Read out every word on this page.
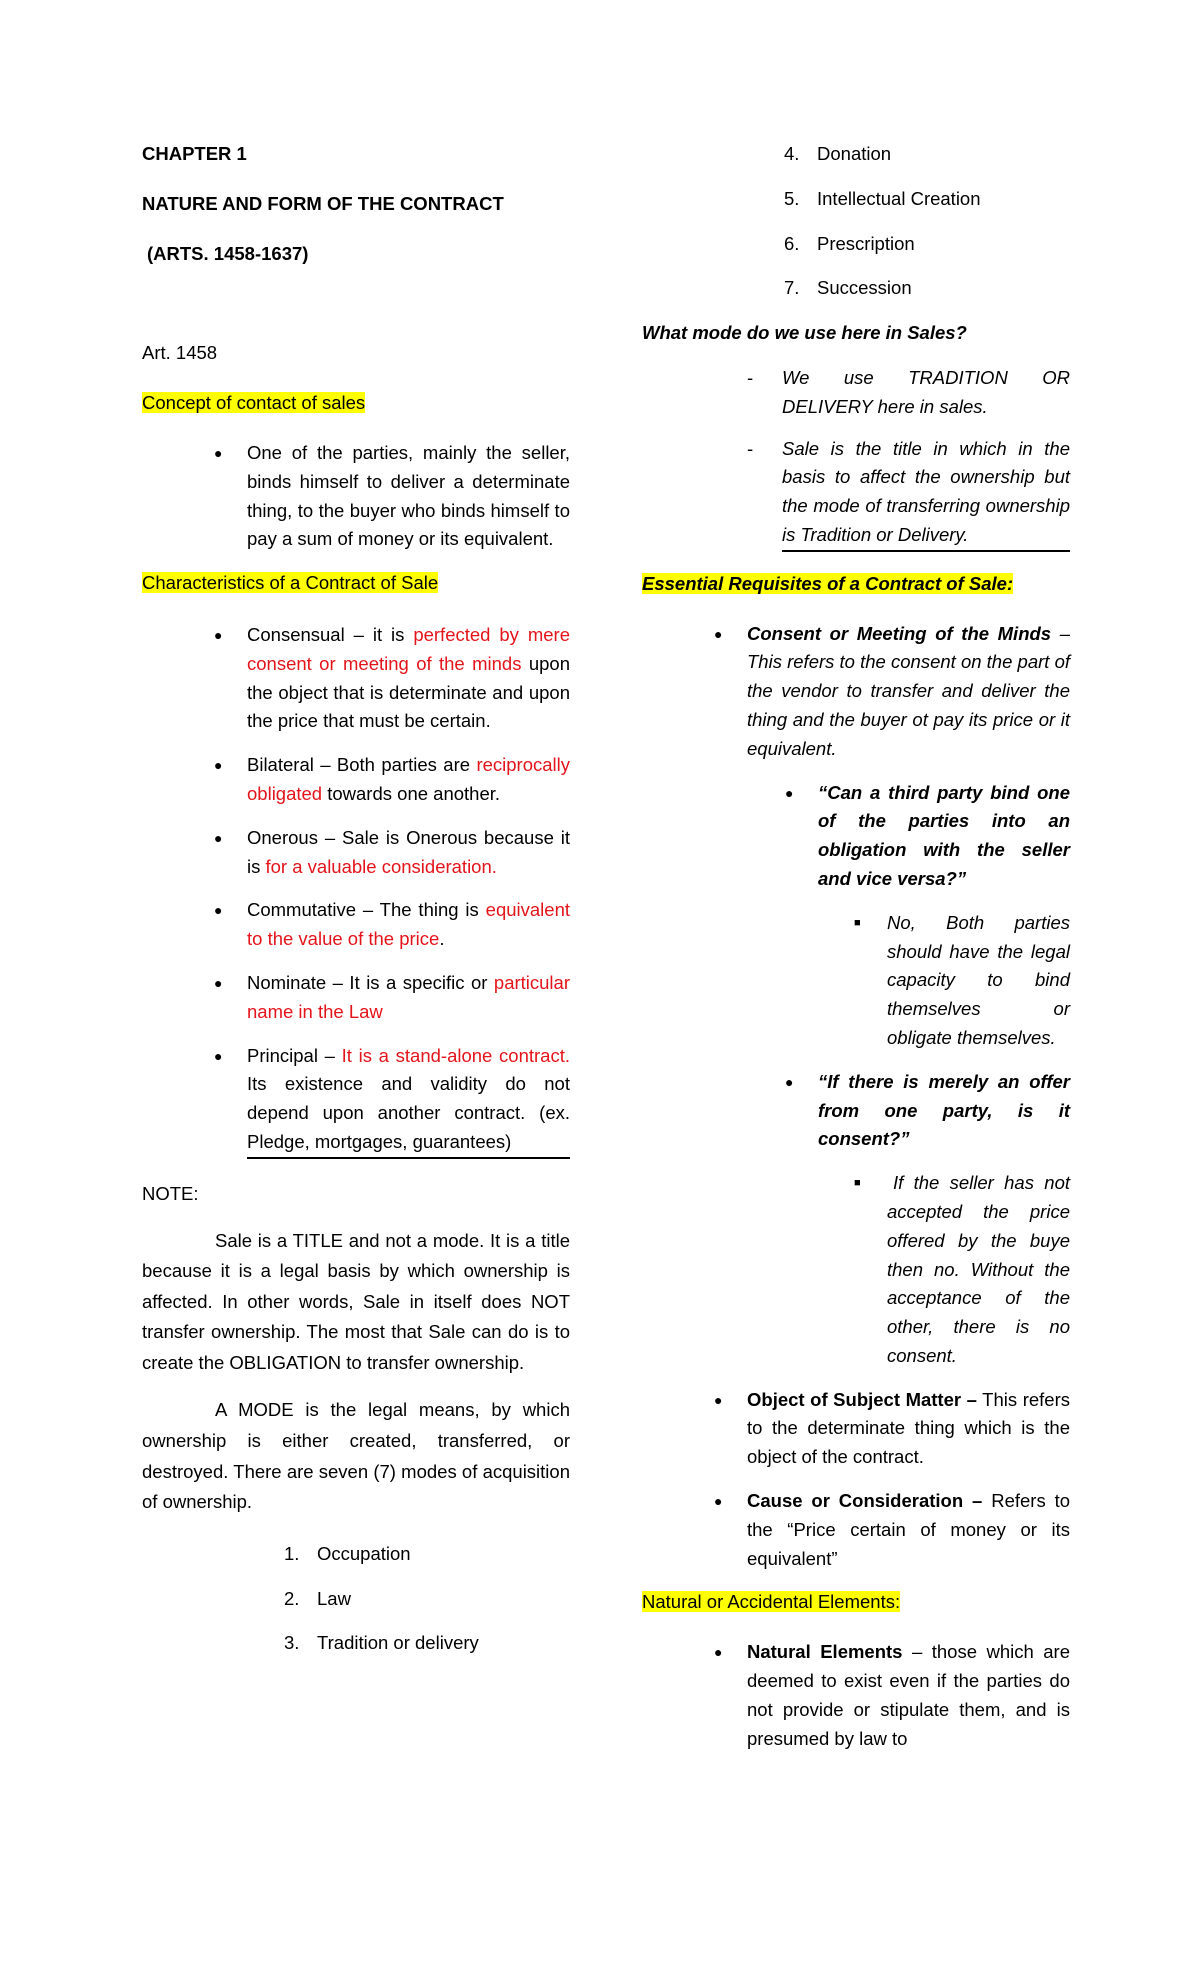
CHAPTER 1

NATURE AND FORM OF THE CONTRACT

(ARTS. 1458-1637)

Art. 1458

Concept of contact of sales

● One of the parties, mainly the seller, binds himself to deliver a determinate thing, to the buyer who binds himself to pay a sum of money or its equivalent.

Characteristics of a Contract of Sale

● Consensual – it is perfected by mere consent or meeting of the minds upon the object that is determinate and upon the price that must be certain.

● Bilateral – Both parties are reciprocally obligated towards one another.

● Onerous – Sale is Onerous because it is for a valuable consideration.

● Commutative – The thing is equivalent to the value of the price.

● Nominate – It is a specific or particular name in the Law

● Principal – It is a stand-alone contract. Its existence and validity do not depend upon another contract. (ex. Pledge, mortgages, guarantees)

NOTE:

Sale is a TITLE and not a mode. It is a title because it is a legal basis by which ownership is affected. In other words, Sale in itself does NOT transfer ownership. The most that Sale can do is to create the OBLIGATION to transfer ownership.

A MODE is the legal means, by which ownership is either created, transferred, or destroyed. There are seven (7) modes of acquisition of ownership.

1. Occupation

2. Law

3. Tradition or delivery

4. Donation

5. Intellectual Creation

6. Prescription

7. Succession

What mode do we use here in Sales?

- We use TRADITION OR DELIVERY here in sales.

- Sale is the title in which in the basis to affect the ownership but the mode of transferring ownership is Tradition or Delivery.

Essential Requisites of a Contract of Sale:

● Consent or Meeting of the Minds – This refers to the consent on the part of the vendor to transfer and deliver the thing and the buyer ot pay its price or it equivalent.

● “Can a third party bind one of the parties into an obligation with the seller and vice versa?”

■ No, Both parties should have the legal capacity to bind themselves or obligate themselves.

● “If there is merely an offer from one party, is it consent?”

■	If the seller has not accepted the price offered by the buye then no. Without the acceptance of the other, there is no consent.

● Object of Subject Matter – This refers to the determinate thing which is the object of the contract.

● Cause or Consideration – Refers to the “Price certain of money or its equivalent”

Natural or Accidental Elements:

● Natural Elements – those which are deemed to exist even if the parties do not provide or stipulate them, and is presumed by law to
